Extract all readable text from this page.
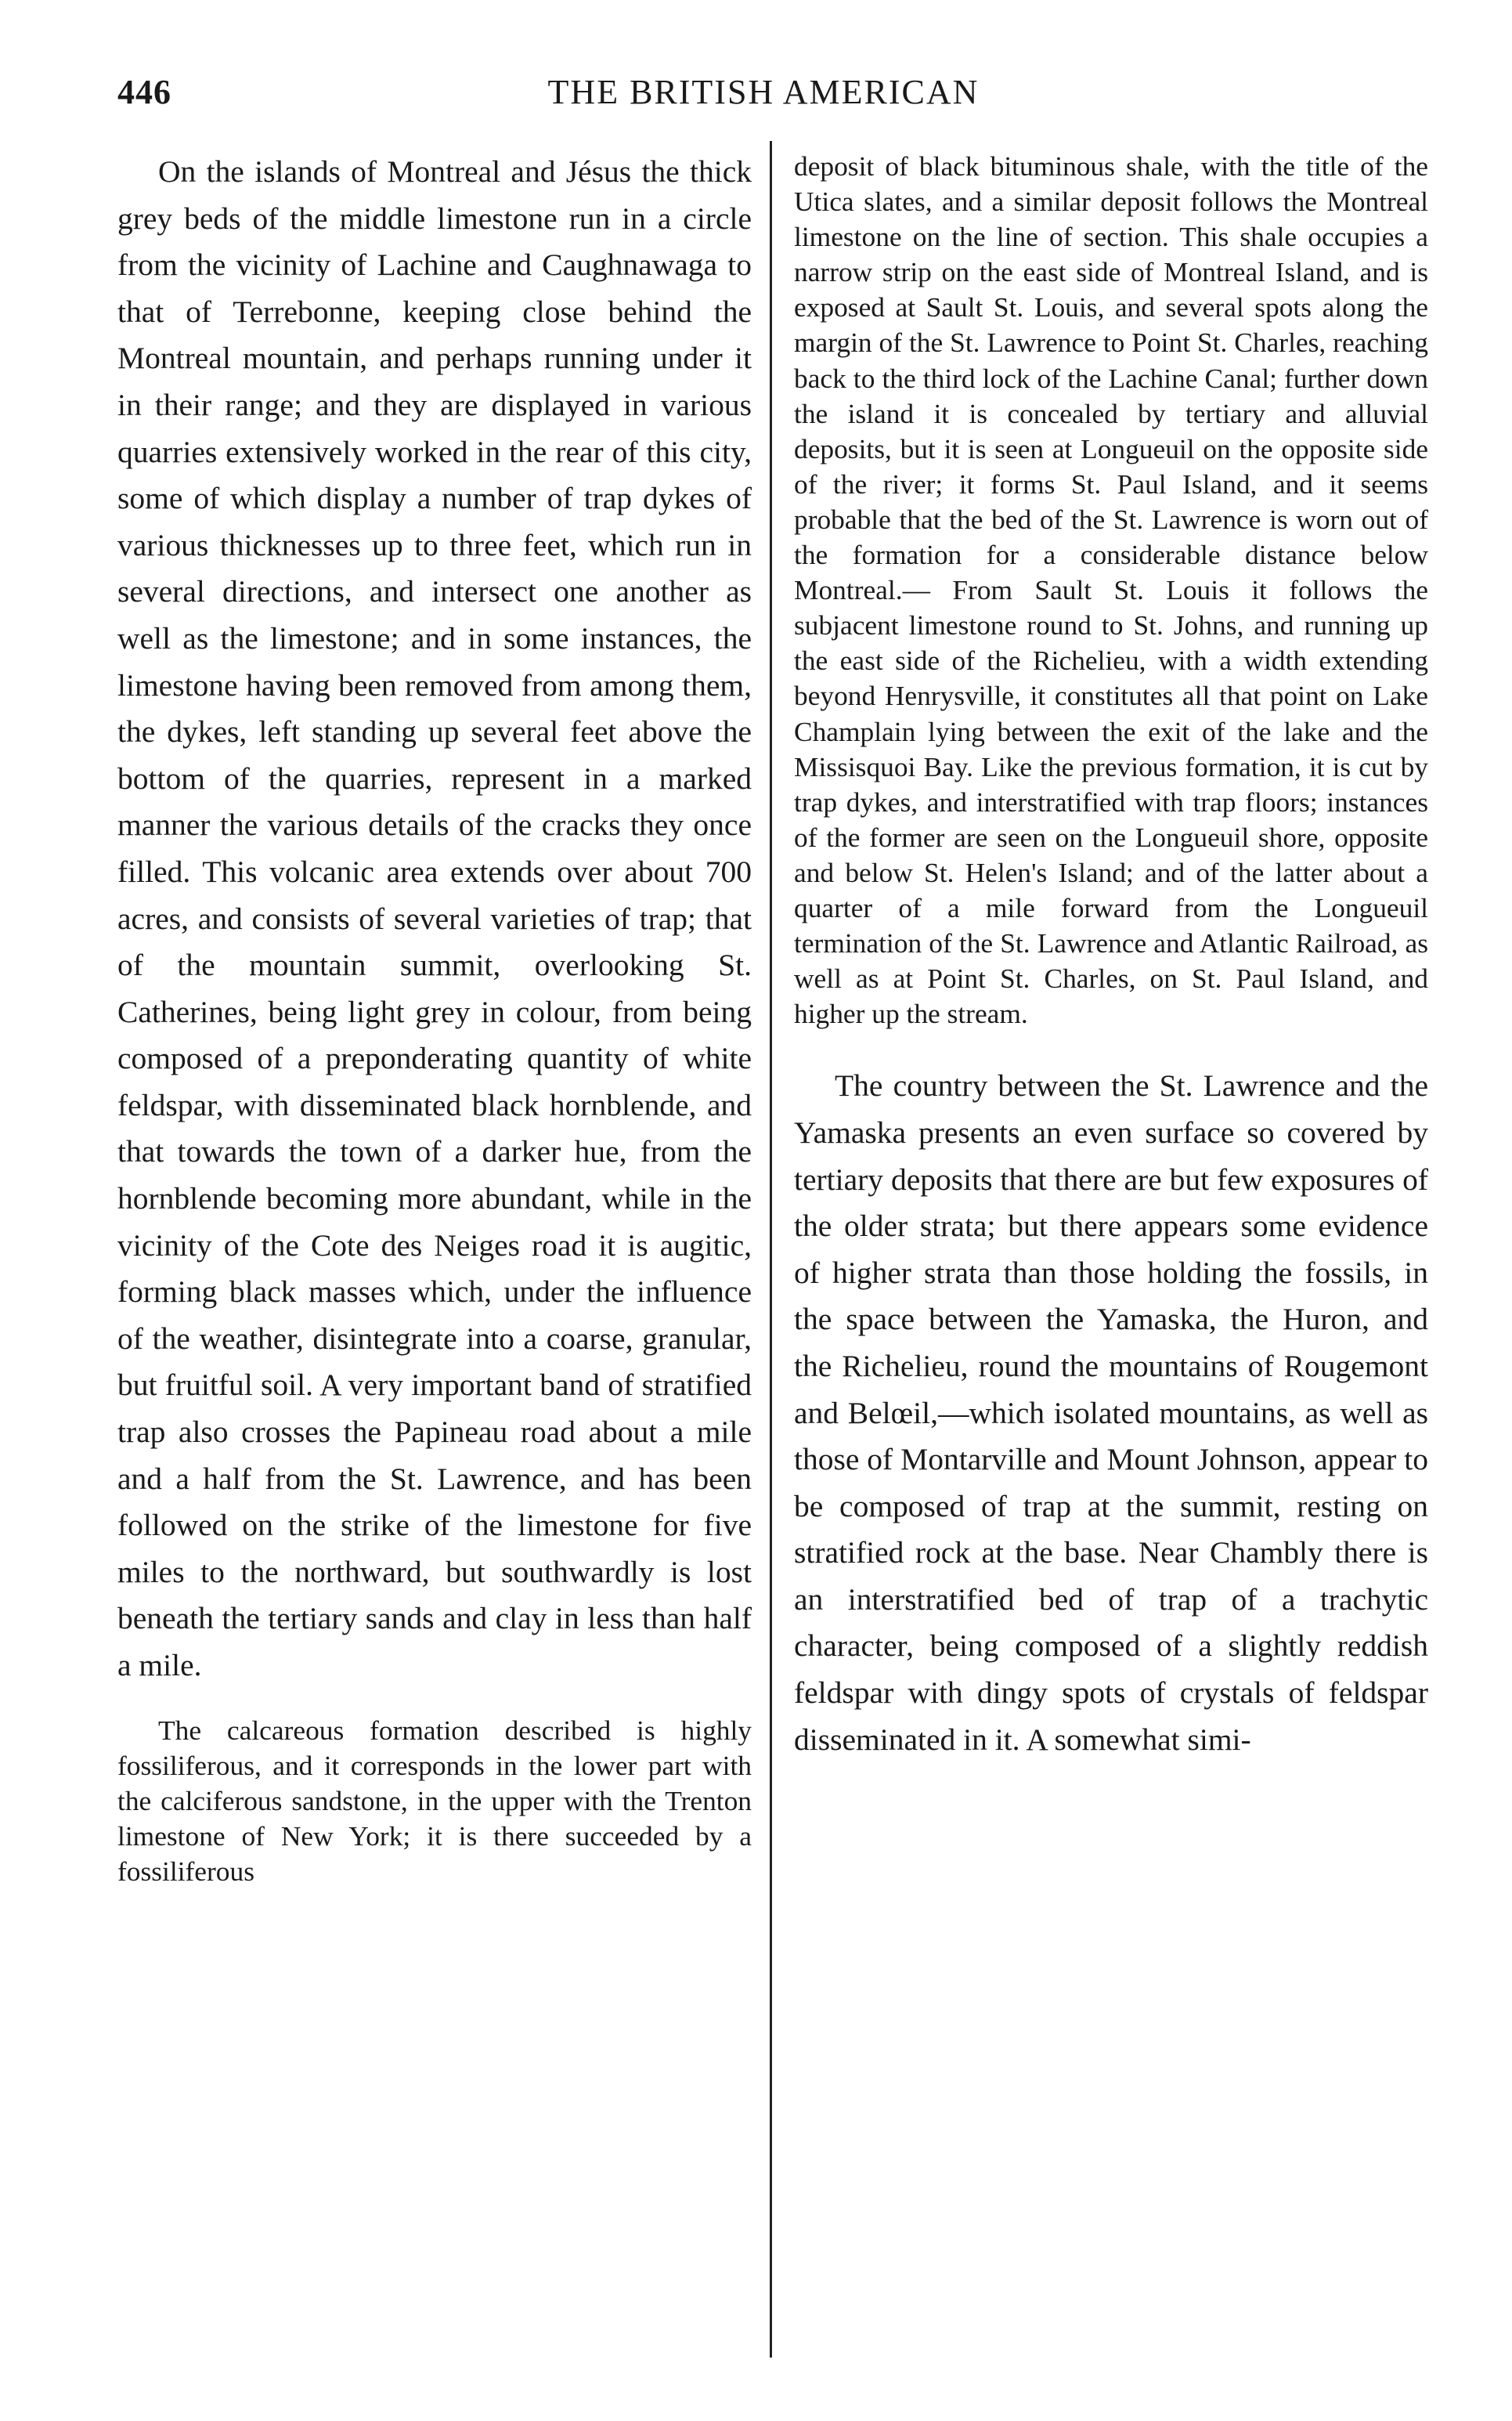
446	THE BRITISH AMERICAN

On the islands of Montreal and Jésus the thick grey beds of the middle limestone run in a circle from the vicinity of Lachine and Caughnawaga to that of Terrebonne, keeping close behind the Montreal mountain, and perhaps running under it in their range; and they are displayed in various quarries extensively worked in the rear of this city, some of which display a number of trap dykes of various thicknesses up to three feet, which run in several directions, and intersect one another as well as the limestone; and in some instances, the limestone having been removed from among them, the dykes, left standing up several feet above the bottom of the quarries, represent in a marked manner the various details of the cracks they once filled. This volcanic area extends over about 700 acres, and consists of several varieties of trap; that of the mountain summit, overlooking St. Catherines, being light grey in colour, from being composed of a preponderating quantity of white feldspar, with disseminated black hornblende, and that towards the town of a darker hue, from the hornblende becoming more abundant, while in the vicinity of the Cote des Neiges road it is augitic, forming black masses which, under the influence of the weather, disintegrate into a coarse, granular, but fruitful soil. A very important band of stratified trap also crosses the Papineau road about a mile and a half from the St. Lawrence, and has been followed on the strike of the limestone for five miles to the northward, but southwardly is lost beneath the tertiary sands and clay in less than half a mile.

The calcareous formation described is highly fossiliferous, and it corresponds in the lower part with the calciferous sandstone, in the upper with the Trenton limestone of New York; it is there succeeded by a fossiliferous

deposit of black bituminous shale, with the title of the Utica slates, and a similar deposit follows the Montreal limestone on the line of section. This shale occupies a narrow strip on the east side of Montreal Island, and is exposed at Sault St. Louis, and several spots along the margin of the St. Lawrence to Point St. Charles, reaching back to the third lock of the Lachine Canal; further down the island it is concealed by tertiary and alluvial deposits, but it is seen at Longueuil on the opposite side of the river; it forms St. Paul Island, and it seems probable that the bed of the St. Lawrence is worn out of the formation for a considerable distance below Montreal.— From Sault St. Louis it follows the subjacent limestone round to St. Johns, and running up the east side of the Richelieu, with a width extending beyond Henrysville, it constitutes all that point on Lake Champlain lying between the exit of the lake and the Missisquoi Bay. Like the previous formation, it is cut by trap dykes, and interstratified with trap floors; instances of the former are seen on the Longueuil shore, opposite and below St. Helen's Island; and of the latter about a quarter of a mile forward from the Longueuil termination of the St. Lawrence and Atlantic Railroad, as well as at Point St. Charles, on St. Paul Island, and higher up the stream.

The country between the St. Lawrence and the Yamaska presents an even surface so covered by tertiary deposits that there are but few exposures of the older strata; but there appears some evidence of higher strata than those holding the fossils, in the space between the Yamaska, the Huron, and the Richelieu, round the mountains of Rougemont and Belœil,—which isolated mountains, as well as those of Montarville and Mount Johnson, appear to be composed of trap at the summit, resting on stratified rock at the base. Near Chambly there is an interstratified bed of trap of a trachytic character, being composed of a slightly reddish feldspar with dingy spots of crystals of feldspar disseminated in it. A somewhat simi-
